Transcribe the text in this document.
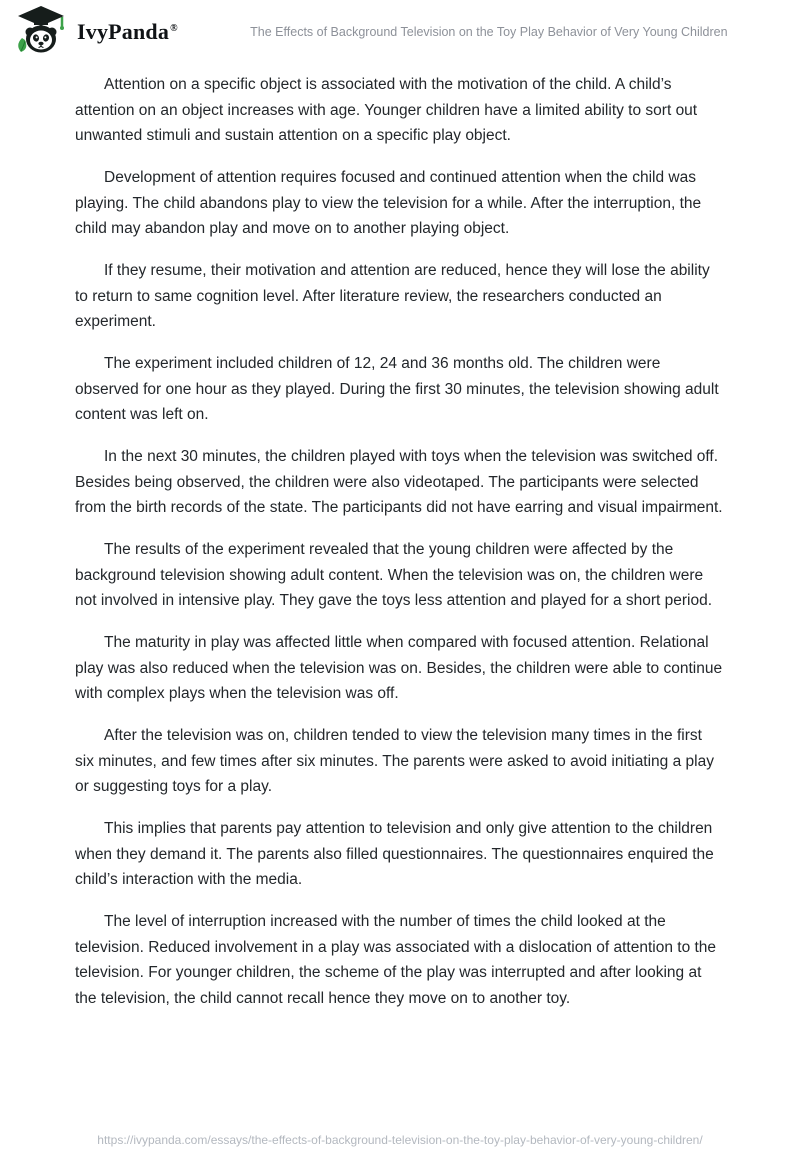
IvyPanda®	The Effects of Background Television on the Toy Play Behavior of Very Young Children

Attention on a specific object is associated with the motivation of the child. A child’s attention on an object increases with age. Younger children have a limited ability to sort out unwanted stimuli and sustain attention on a specific play object.

Development of attention requires focused and continued attention when the child was playing. The child abandons play to view the television for a while. After the interruption, the child may abandon play and move on to another playing object.

If they resume, their motivation and attention are reduced, hence they will lose the ability to return to same cognition level. After literature review, the researchers conducted an experiment.

The experiment included children of 12, 24 and 36 months old. The children were observed for one hour as they played. During the first 30 minutes, the television showing adult content was left on.

In the next 30 minutes, the children played with toys when the television was switched off. Besides being observed, the children were also videotaped. The participants were selected from the birth records of the state. The participants did not have earring and visual impairment.

The results of the experiment revealed that the young children were affected by the background television showing adult content. When the television was on, the children were not involved in intensive play. They gave the toys less attention and played for a short period.

The maturity in play was affected little when compared with focused attention. Relational play was also reduced when the television was on. Besides, the children were able to continue with complex plays when the television was off.

After the television was on, children tended to view the television many times in the first six minutes, and few times after six minutes. The parents were asked to avoid initiating a play or suggesting toys for a play.

This implies that parents pay attention to television and only give attention to the children when they demand it. The parents also filled questionnaires. The questionnaires enquired the child’s interaction with the media.

The level of interruption increased with the number of times the child looked at the television. Reduced involvement in a play was associated with a dislocation of attention to the television. For younger children, the scheme of the play was interrupted and after looking at the television, the child cannot recall hence they move on to another toy.

https://ivypanda.com/essays/the-effects-of-background-television-on-the-toy-play-behavior-of-very-young-children/
